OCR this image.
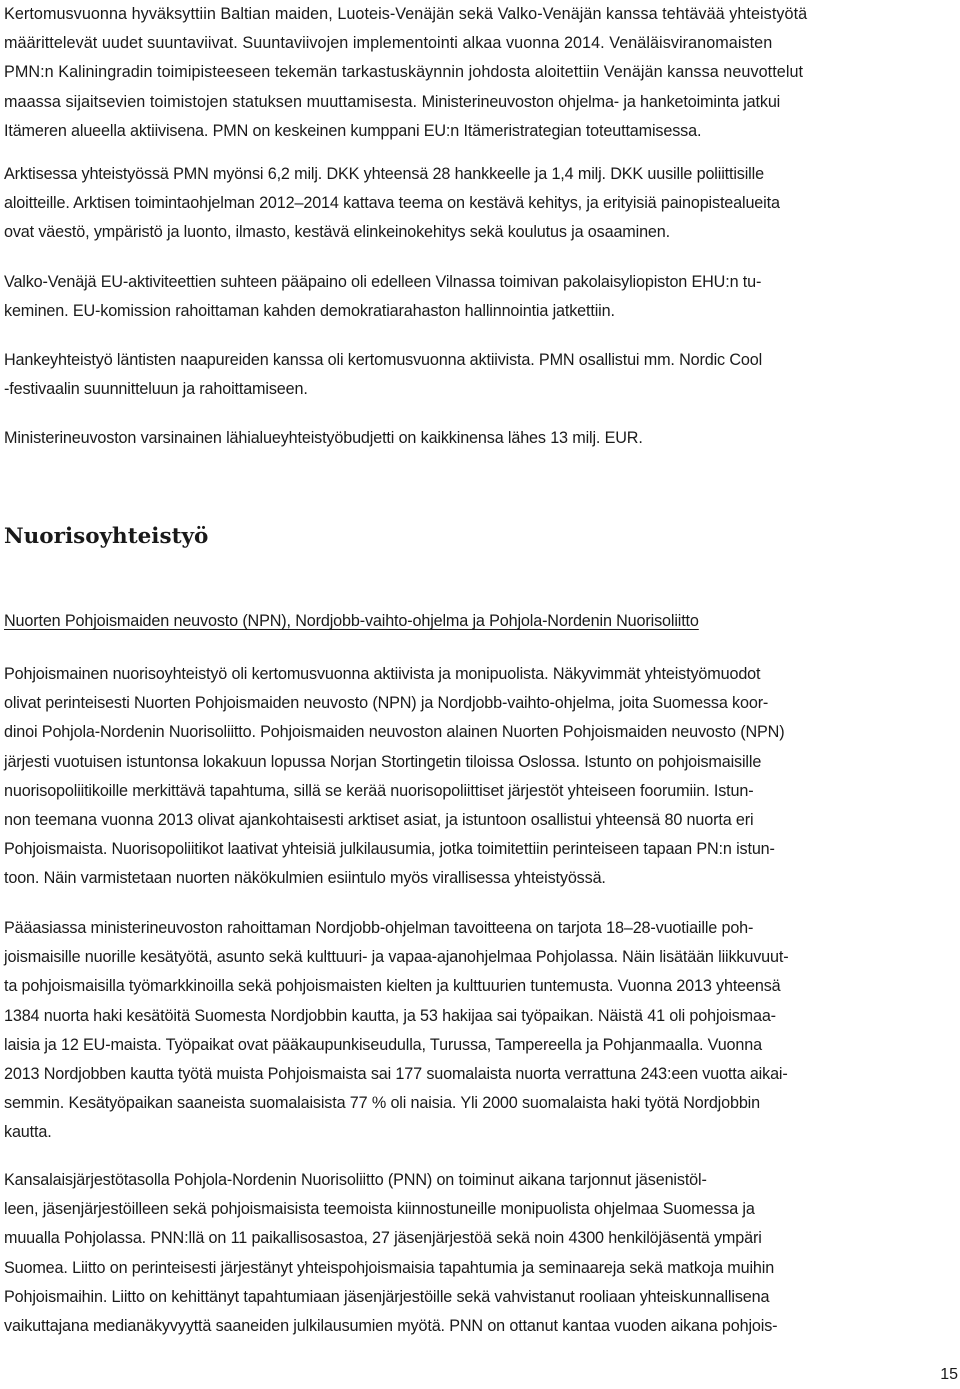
Kertomusvuonna hyväksyttiin Baltian maiden, Luoteis-Venäjän sekä Valko-Venäjän kanssa tehtävää yhteistyötä
määrittelevät uudet suuntaviivat. Suuntaviivojen implementointi alkaa vuonna 2014. Venäläisviranomaisten
PMN:n Kaliningradin toimipisteeseen tekemän tarkastuskäynnin johdosta aloitettiin Venäjän kanssa neuvottelut
maassa sijaitsevien toimistojen statuksen muuttamisesta. Ministerineuvoston ohjelma- ja hanketoiminta jatkui
Itämeren alueella aktiivisena. PMN on keskeinen kumppani EU:n Itämeristrategian toteuttamisessa.
Arktisessa yhteistyössä PMN myönsi 6,2 milj. DKK yhteensä 28 hankkeelle ja 1,4 milj. DKK uusille poliittisille
aloitteille. Arktisen toimintaohjelman 2012–2014 kattava teema on kestävä kehitys, ja erityisiä painopistealueita
ovat väestö, ympäristö ja luonto, ilmasto, kestävä elinkeinokehitys sekä koulutus ja osaaminen.
Valko-Venäjä EU-aktiviteettien suhteen pääpaino oli edelleen Vilnassa toimivan pakolaisyliopiston EHU:n tu-
keminen. EU-komission rahoittaman kahden demokratiarahaston hallinnointia jatkettiin.
Hankeyhteistyö läntisten naapureiden kanssa oli kertomusvuonna aktiivista. PMN osallistui mm. Nordic Cool
-festivaalin suunnitteluun ja rahoittamiseen.
Ministerineuvoston varsinainen lähialueyhteistyöbudjetti on kaikkinensa lähes 13 milj. EUR.
Nuorisoyhteistyö
Nuorten Pohjoismaiden neuvosto (NPN), Nordjobb-vaihto-ohjelma ja Pohjola-Nordenin Nuorisoliitto
Pohjoismainen nuorisoyhteistyö oli kertomusvuonna aktiivista ja monipuolista. Näkyvimmät yhteistyömuodot
olivat perinteisesti Nuorten Pohjoismaiden neuvosto (NPN) ja Nordjobb-vaihto-ohjelma, joita Suomessa koor-
dinoi Pohjola-Nordenin Nuorisoliitto. Pohjoismaiden neuvoston alainen Nuorten Pohjoismaiden neuvosto (NPN)
järjesti vuotuisen istuntonsa lokakuun lopussa Norjan Stortingetin tiloissa Oslossa. Istunto on pohjoismaisille
nuorisopoliitikoille merkittävä tapahtuma, sillä se kerää nuorisopoliittiset järjestöt yhteiseen foorumiin. Istun-
non teemana vuonna 2013 olivat ajankohtaisesti arktiset asiat, ja istuntoon osallistui yhteensä 80 nuorta eri
Pohjoismaista. Nuorisopoliitikot laativat yhteisiä julkilausumia, jotka toimitettiin perinteiseen tapaan PN:n istun-
toon. Näin varmistetaan nuorten näkökulmien esiintulo myös virallisessa yhteistyössä.
Pääasiassa ministerineuvoston rahoittaman Nordjobb-ohjelman tavoitteena on tarjota 18–28-vuotiaille poh-
joismaisille nuorille kesätyötä, asunto sekä kulttuuri- ja vapaa-ajanohjelmaa Pohjolassa. Näin lisätään liikkuvuut-
ta pohjoismaisilla työmarkkinoilla sekä pohjoismaisten kielten ja kulttuurien tuntemusta. Vuonna 2013 yhteensä
1384 nuorta haki kesätöitä Suomesta Nordjobbin kautta, ja 53 hakijaa sai työpaikan. Näistä 41 oli pohjoismaa-
laisia ja 12 EU-maista. Työpaikat ovat pääkaupunkiseudulla, Turussa, Tampereella ja Pohjanmaalla. Vuonna
2013 Nordjobben kautta työtä muista Pohjoismaista sai 177 suomalaista nuorta verrattuna 243:een vuotta aikai-
semmin. Kesätyöpaikan saaneista suomalaisista 77 % oli naisia. Yli 2000 suomalaista haki työtä Nordjobbin
kautta.
Kansalaisjärjestötasolla Pohjola-Nordenin Nuorisoliitto (PNN) on toiminut aikana tarjonnut jäsenistöl-
leen, jäsenjärjestöilleen sekä pohjoismaisista teemoista kiinnostuneille monipuolista ohjelmaa Suomessa ja
muualla Pohjolassa. PNN:llä on 11 paikallisosastoa, 27 jäsenjärjestöä sekä noin 4300 henkilöjäsentä ympäri
Suomea. Liitto on perinteisesti järjestänyt yhteispohjoismaisia tapahtumia ja seminaareja sekä matkoja muihin
Pohjoismaihin. Liitto on kehittänyt tapahtumiaan jäsenjärjestöille sekä vahvistanut rooliaan yhteiskunnallisena
vaikuttajana medianäkyvyyttä saaneiden julkilausumien myötä. PNN on ottanut kantaa vuoden aikana pohjois-
15
